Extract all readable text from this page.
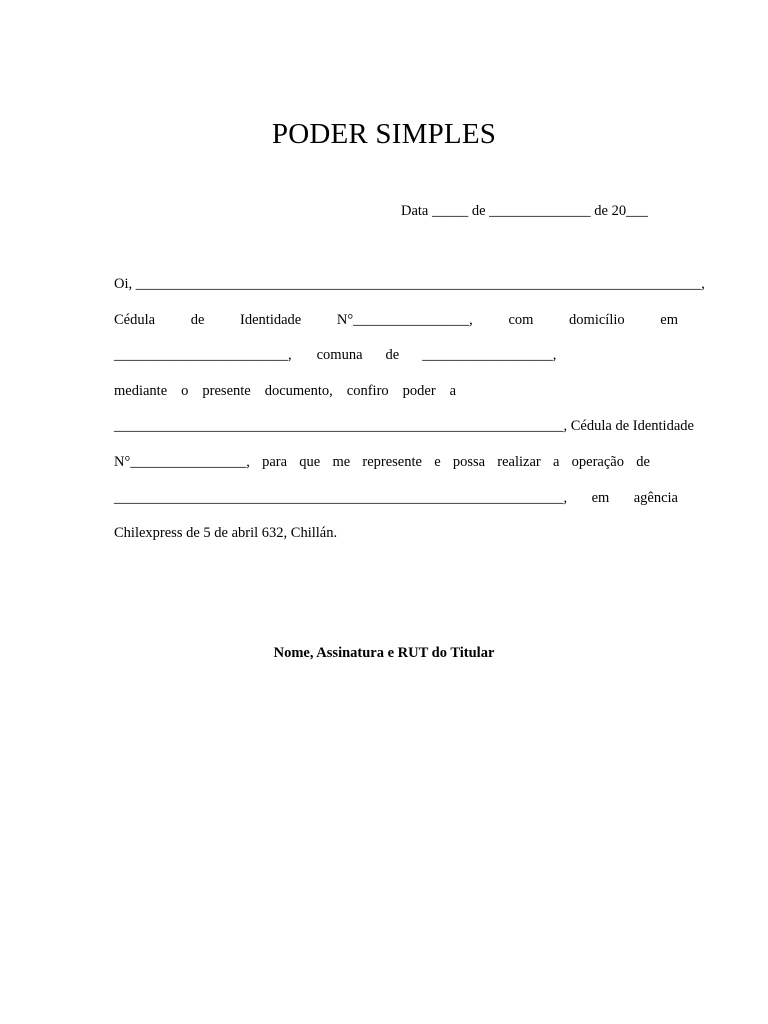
PODER SIMPLES
Data _____ de ______________ de 20___
Oi, ______________________________________________________________________________,
Cédula de Identidade N°________________, com domicílio em
________________________, comuna de __________________,
mediante o presente documento, confiro poder a
______________________________________________________________, Cédula de Identidade
N°________________, para que me represente e possa realizar a operação de
______________________________________________________________, em agência
Chilexpress de 5 de abril 632, Chillán.
Nome, Assinatura e RUT do Titular
